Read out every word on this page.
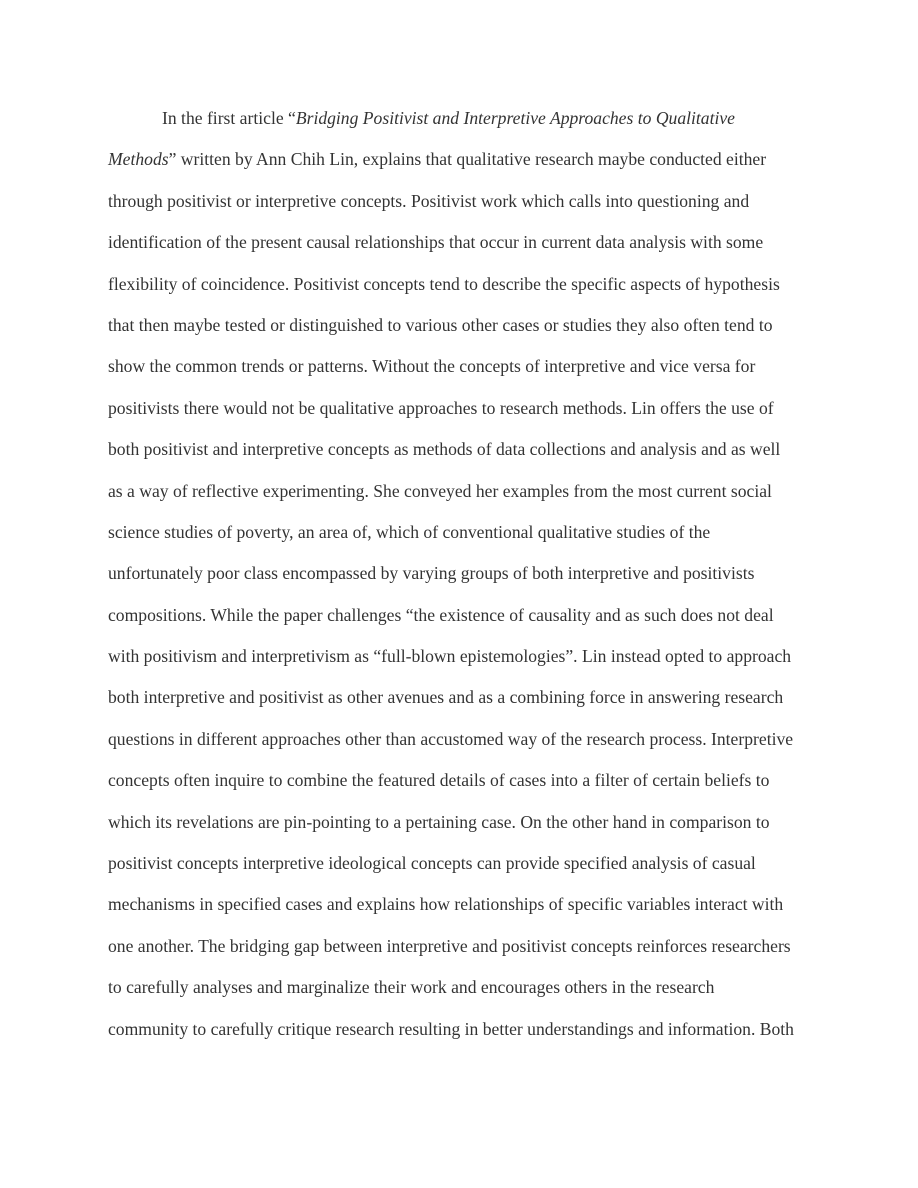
In the first article “Bridging Positivist and Interpretive Approaches to Qualitative
Methods” written by Ann Chih Lin, explains that qualitative research maybe conducted either
through positivist or interpretive concepts. Positivist work which calls into questioning and
identification of the present causal relationships that occur in current data analysis with some
flexibility of coincidence. Positivist concepts tend to describe the specific aspects of hypothesis
that then maybe tested or distinguished to various other cases or studies they also often tend to
show the common trends or patterns. Without the concepts of interpretive and vice versa for
positivists there would not be qualitative approaches to research methods. Lin offers the use of
both positivist and interpretive concepts as methods of data collections and analysis and as well
as a way of reflective experimenting. She conveyed her examples from the most current social
science studies of poverty, an area of, which of conventional qualitative studies of the
unfortunately poor class encompassed by varying groups of both interpretive and positivists
compositions. While the paper challenges “the existence of causality and as such does not deal
with positivism and interpretivism as “full-blown epistemologies”. Lin instead opted to approach
both interpretive and positivist as other avenues and as a combining force in answering research
questions in different approaches other than accustomed way of the research process. Interpretive
concepts often inquire to combine the featured details of cases into a filter of certain beliefs to
which its revelations are pin-pointing to a pertaining case. On the other hand in comparison to
positivist concepts interpretive ideological concepts can provide specified analysis of casual
mechanisms in specified cases and explains how relationships of specific variables interact with
one another. The bridging gap between interpretive and positivist concepts reinforces researchers
to carefully analyses and marginalize their work and encourages others in the research
community to carefully critique research resulting in better understandings and information. Both
